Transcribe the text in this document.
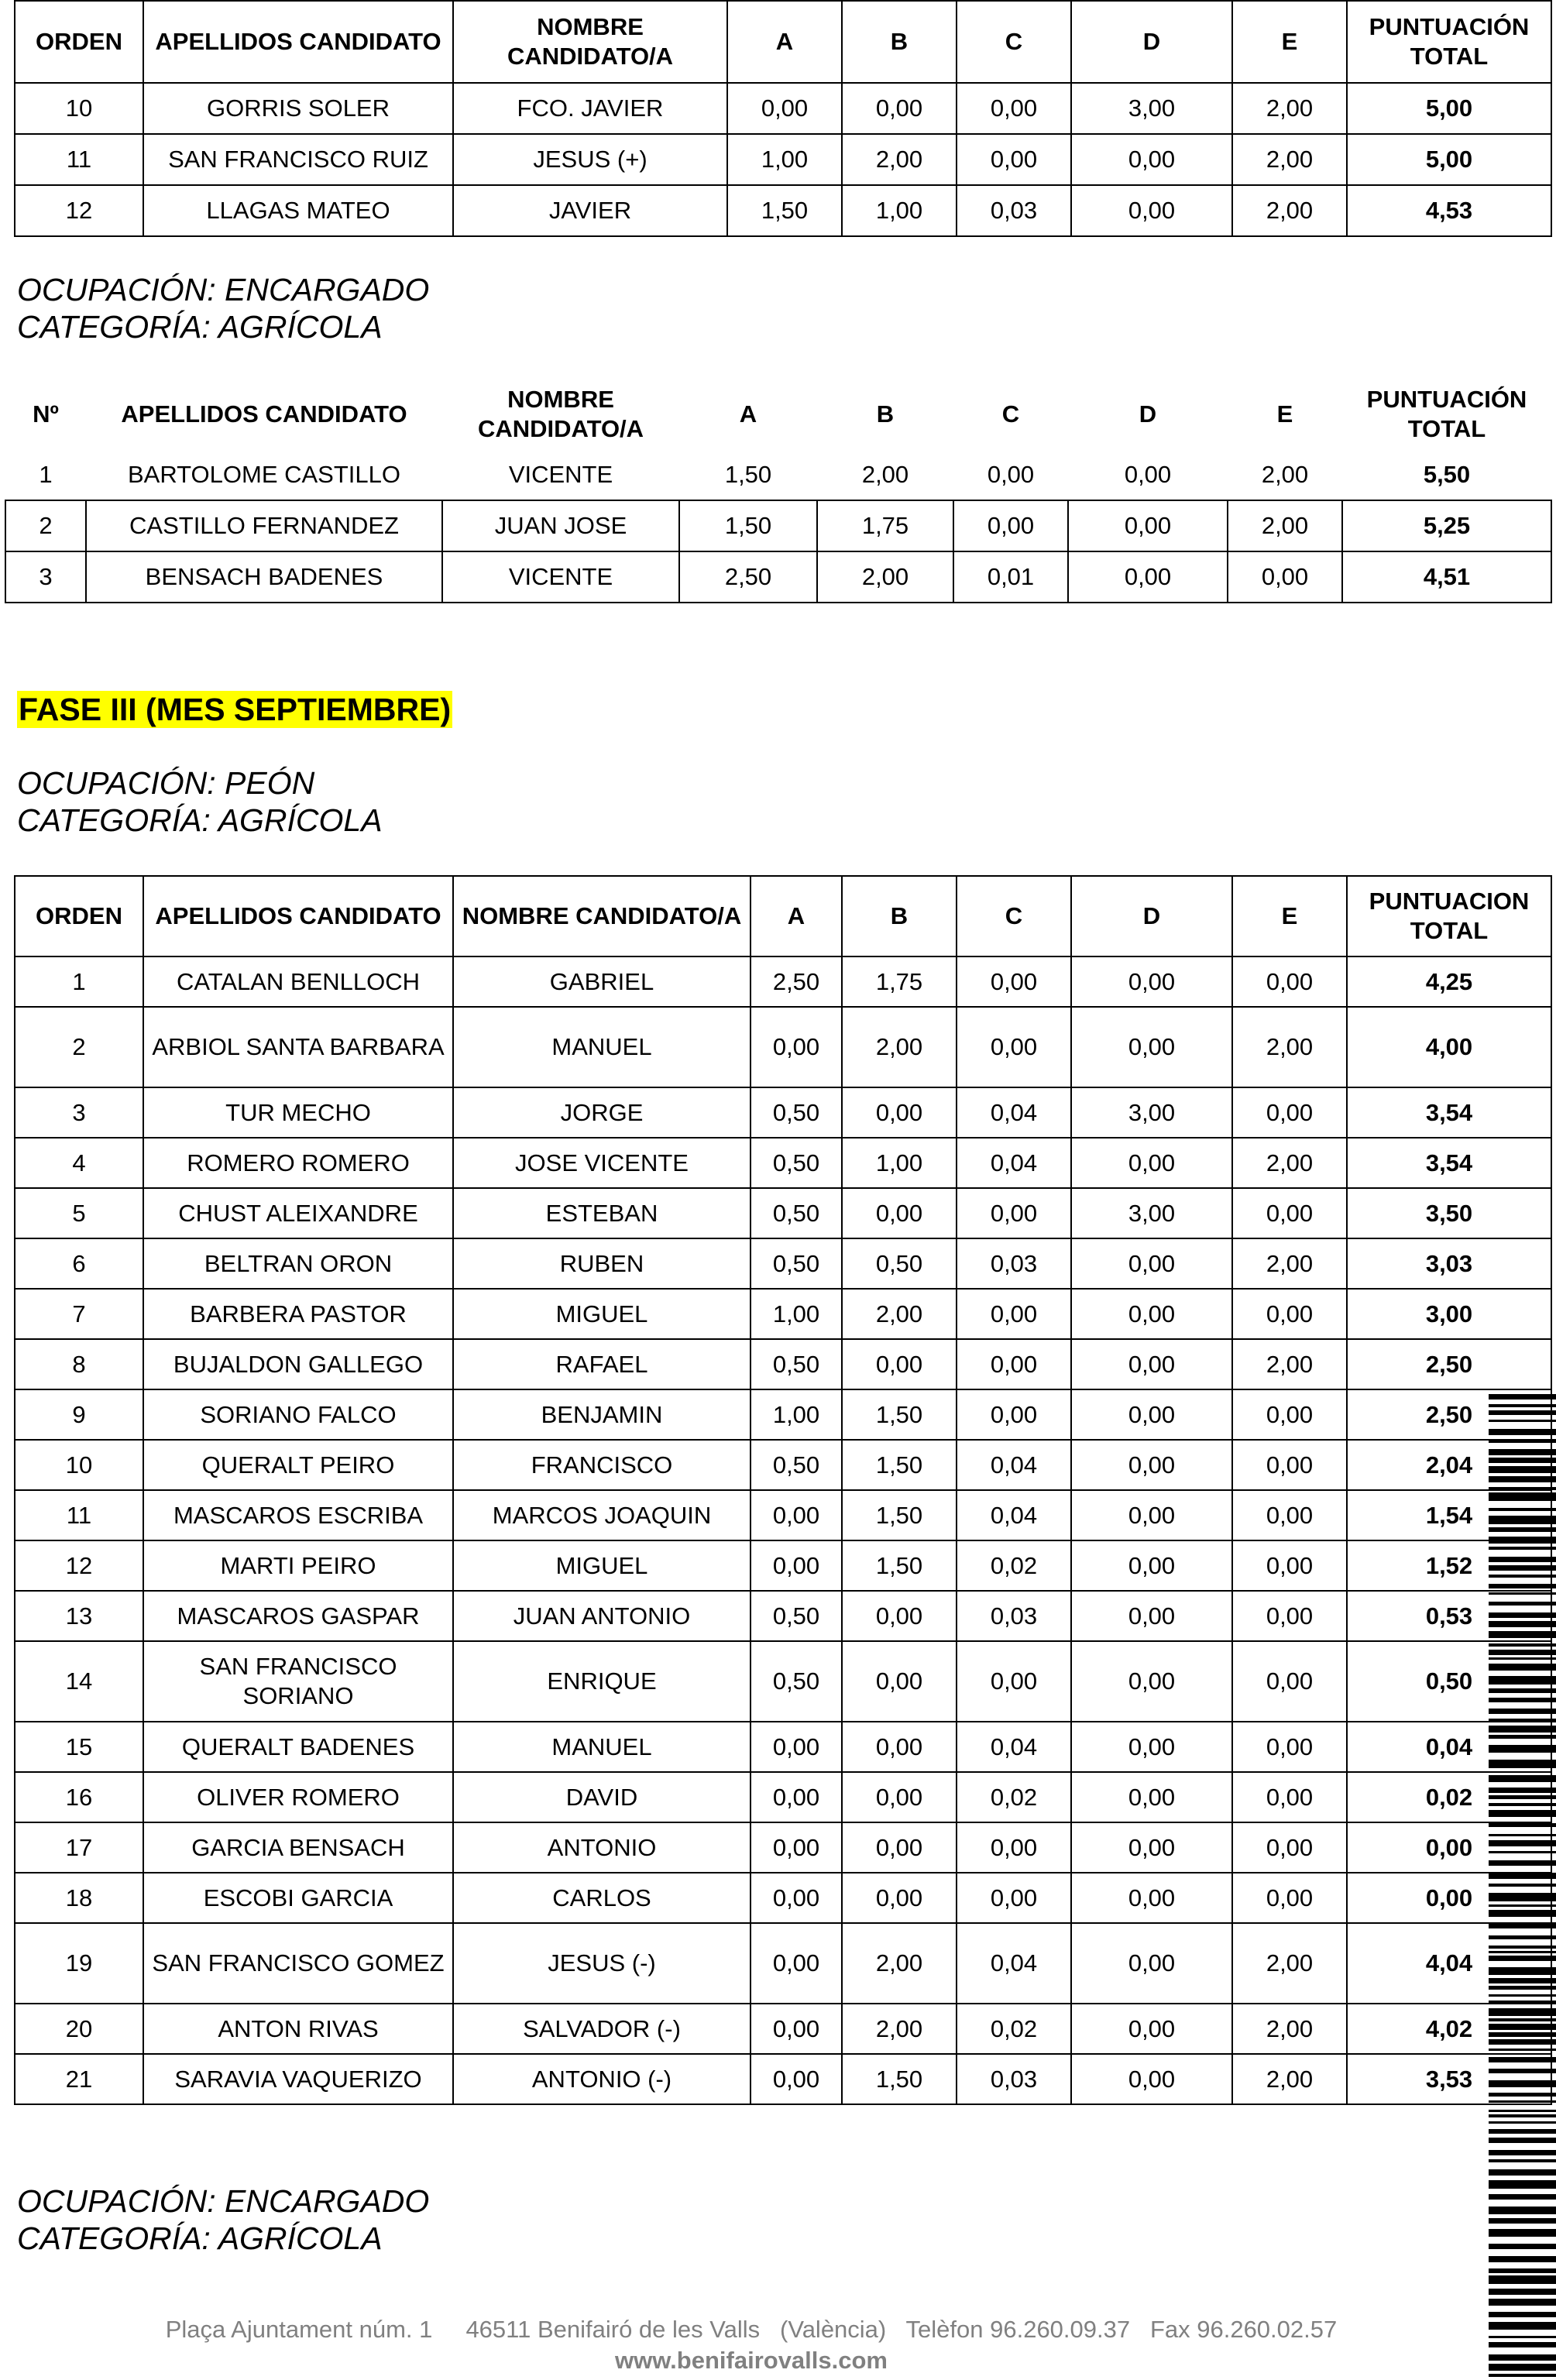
ORDEN	APELLIDOS CANDIDATO	NOMBRE CANDIDATO/A	A	B	C	D	E	PUNTUACIÓN TOTAL
10	GORRIS SOLER	FCO. JAVIER	0,00	0,00	0,00	3,00	2,00	5,00
11	SAN FRANCISCO RUIZ	JESUS (+)	1,00	2,00	0,00	0,00	2,00	5,00
12	LLAGAS MATEO	JAVIER	1,50	1,00	0,03	0,00	2,00	4,53
OCUPACIÓN: ENCARGADO
CATEGORÍA: AGRÍCOLA
Nº	APELLIDOS CANDIDATO	NOMBRE CANDIDATO/A	A	B	C	D	E	PUNTUACIÓN TOTAL
1	BARTOLOME CASTILLO	VICENTE	1,50	2,00	0,00	0,00	2,00	5,50
2	CASTILLO FERNANDEZ	JUAN JOSE	1,50	1,75	0,00	0,00	2,00	5,25
3	BENSACH BADENES	VICENTE	2,50	2,00	0,01	0,00	0,00	4,51
FASE III (MES SEPTIEMBRE)
OCUPACIÓN: PEÓN
CATEGORÍA: AGRÍCOLA
ORDEN	APELLIDOS CANDIDATO	NOMBRE CANDIDATO/A	A	B	C	D	E	PUNTUACION TOTAL
1	CATALAN BENLLOCH	GABRIEL	2,50	1,75	0,00	0,00	0,00	4,25
2	ARBIOL SANTA BARBARA	MANUEL	0,00	2,00	0,00	0,00	2,00	4,00
3	TUR MECHO	JORGE	0,50	0,00	0,04	3,00	0,00	3,54
4	ROMERO ROMERO	JOSE VICENTE	0,50	1,00	0,04	0,00	2,00	3,54
5	CHUST ALEIXANDRE	ESTEBAN	0,50	0,00	0,00	3,00	0,00	3,50
6	BELTRAN ORON	RUBEN	0,50	0,50	0,03	0,00	2,00	3,03
7	BARBERA PASTOR	MIGUEL	1,00	2,00	0,00	0,00	0,00	3,00
8	BUJALDON GALLEGO	RAFAEL	0,50	0,00	0,00	0,00	2,00	2,50
9	SORIANO FALCO	BENJAMIN	1,00	1,50	0,00	0,00	0,00	2,50
10	QUERALT PEIRO	FRANCISCO	0,50	1,50	0,04	0,00	0,00	2,04
11	MASCAROS ESCRIBA	MARCOS JOAQUIN	0,00	1,50	0,04	0,00	0,00	1,54
12	MARTI PEIRO	MIGUEL	0,00	1,50	0,02	0,00	0,00	1,52
13	MASCAROS GASPAR	JUAN ANTONIO	0,50	0,00	0,03	0,00	0,00	0,53
14	SAN FRANCISCO SORIANO	ENRIQUE	0,50	0,00	0,00	0,00	0,00	0,50
15	QUERALT BADENES	MANUEL	0,00	0,00	0,04	0,00	0,00	0,04
16	OLIVER ROMERO	DAVID	0,00	0,00	0,02	0,00	0,00	0,02
17	GARCIA BENSACH	ANTONIO	0,00	0,00	0,00	0,00	0,00	0,00
18	ESCOBI GARCIA	CARLOS	0,00	0,00	0,00	0,00	0,00	0,00
19	SAN FRANCISCO GOMEZ	JESUS (-)	0,00	2,00	0,04	0,00	2,00	4,04
20	ANTON RIVAS	SALVADOR (-)	0,00	2,00	0,02	0,00	2,00	4,02
21	SARAVIA VAQUERIZO	ANTONIO (-)	0,00	1,50	0,03	0,00	2,00	3,53
OCUPACIÓN: ENCARGADO
CATEGORÍA: AGRÍCOLA
Plaça Ajuntament núm. 1     46511 Benifairó de les Valls   (València)   Telèfon 96.260.09.37   Fax 96.260.02.57
www.benifairovalls.com
